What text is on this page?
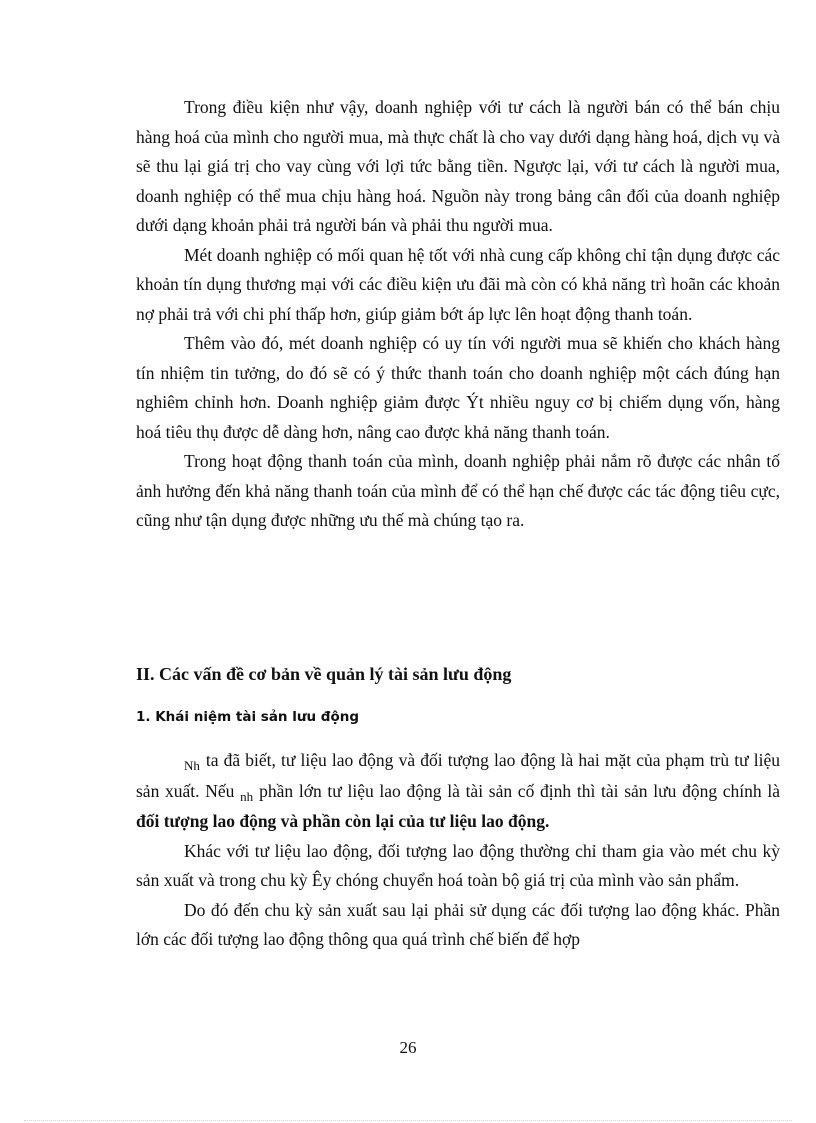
Trong điều kiện như vậy, doanh nghiệp với tư cách là người bán có thể bán chịu hàng hoá của mình cho người mua, mà thực chất là cho vay dưới dạng hàng hoá, dịch vụ và sẽ thu lại giá trị cho vay cùng với lợi tức bằng tiền. Ngược lại, với tư cách là người mua, doanh nghiệp có thể mua chịu hàng hoá. Nguồn này trong bảng cân đối của doanh nghiệp dưới dạng khoản phải trả người bán và phải thu người mua.

Mét doanh nghiệp có mối quan hệ tốt với nhà cung cấp không chỉ tận dụng được các khoản tín dụng thương mại với các điều kiện ưu đãi mà còn có khả năng trì hoãn các khoản nợ phải trả với chi phí thấp hơn, giúp giảm bớt áp lực lên hoạt động thanh toán.

Thêm vào đó, mét doanh nghiệp có uy tín với người mua sẽ khiến cho khách hàng tín nhiệm tin tưởng, do đó sẽ có ý thức thanh toán cho doanh nghiệp một cách đúng hạn nghiêm chỉnh hơn. Doanh nghiệp giảm được Ýt nhiều nguy cơ bị chiếm dụng vốn, hàng hoá tiêu thụ được dễ dàng hơn, nâng cao được khả năng thanh toán.

Trong hoạt động thanh toán của mình, doanh nghiệp phải nắm rõ được các nhân tố ảnh hưởng đến khả năng thanh toán của mình để có thể hạn chế được các tác động tiêu cực, cũng như tận dụng được những ưu thế mà chúng tạo ra.

II. Các vấn đề cơ bản về quản lý tài sản lưu động
1. Khái niệm tài sản lưu động

$_{Nh}$ ta đã biết, tư liệu lao động và đối tượng lao động là hai mặt của phạm trù tư liệu sản xuất. Nếu $_{nh}$ phần lớn tư liệu lao động là tài sản cố định thì tài sản lưu động chính là đối tượng lao động và phần còn lại của tư liệu lao động.

Khác với tư liệu lao động, đối tượng lao động thường chỉ tham gia vào mét chu kỳ sản xuất và trong chu kỳ Êy chóng chuyển hoá toàn bộ giá trị của mình vào sản phẩm.

Do đó đến chu kỳ sản xuất sau lại phải sử dụng các đối tượng lao động khác. Phần lớn các đối tượng lao động thông qua quá trình chế biến để hợp

26
